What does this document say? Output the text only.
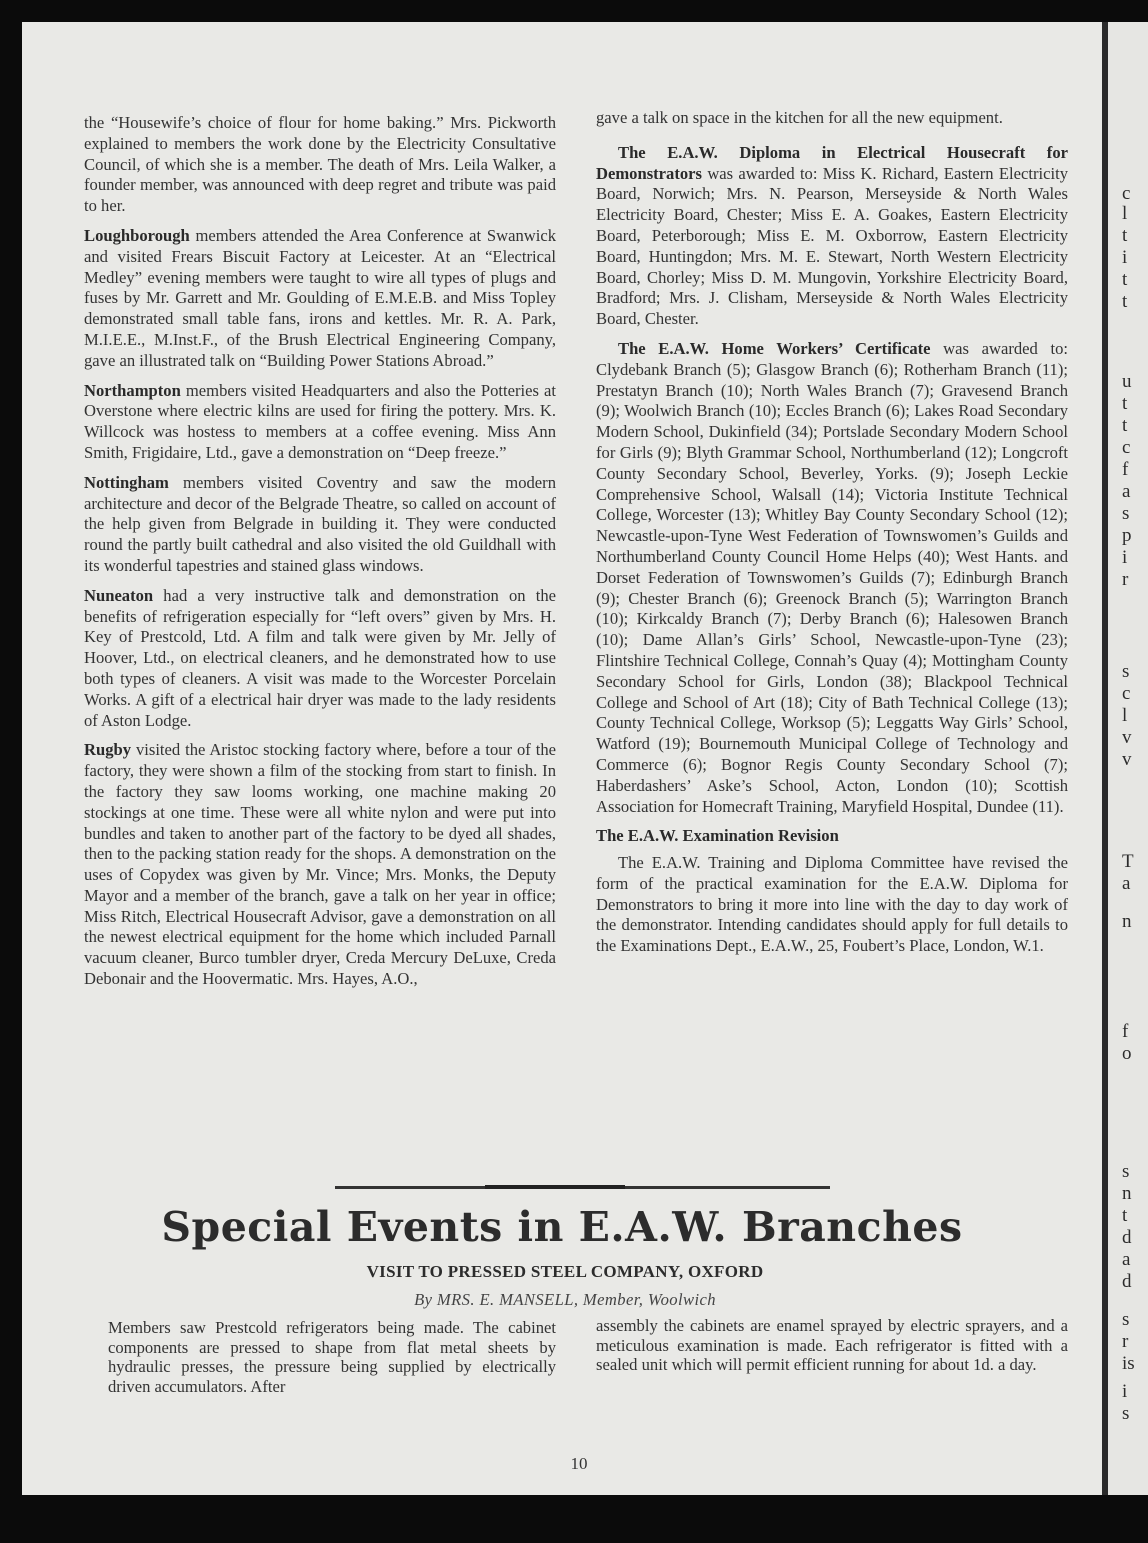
the “Housewife’s choice of flour for home baking.” Mrs. Pickworth explained to members the work done by the Electricity Consultative Council, of which she is a member. The death of Mrs. Leila Walker, a founder member, was announced with deep regret and tribute was paid to her.

Loughborough members attended the Area Conference at Swanwick and visited Frears Biscuit Factory at Leicester. At an “Electrical Medley” evening members were taught to wire all types of plugs and fuses by Mr. Garrett and Mr. Goulding of E.M.E.B. and Miss Topley demonstrated small table fans, irons and kettles. Mr. R. A. Park, M.I.E.E., M.Inst.F., of the Brush Electrical Engineering Company, gave an illustrated talk on “Building Power Stations Abroad.”

Northampton members visited Headquarters and also the Potteries at Overstone where electric kilns are used for firing the pottery. Mrs. K. Willcock was hostess to members at a coffee evening. Miss Ann Smith, Frigidaire, Ltd., gave a demonstration on “Deep freeze.”

Nottingham members visited Coventry and saw the modern architecture and decor of the Belgrade Theatre, so called on account of the help given from Belgrade in building it. They were conducted round the partly built cathedral and also visited the old Guildhall with its wonderful tapestries and stained glass windows.

Nuneaton had a very instructive talk and demonstration on the benefits of refrigeration especially for “left overs” given by Mrs. H. Key of Prestcold, Ltd. A film and talk were given by Mr. Jelly of Hoover, Ltd., on electrical cleaners, and he demonstrated how to use both types of cleaners. A visit was made to the Worcester Porcelain Works. A gift of a electrical hair dryer was made to the lady residents of Aston Lodge.

Rugby visited the Aristoc stocking factory where, before a tour of the factory, they were shown a film of the stocking from start to finish. In the factory they saw looms working, one machine making 20 stockings at one time. These were all white nylon and were put into bundles and taken to another part of the factory to be dyed all shades, then to the packing station ready for the shops. A demonstration on the uses of Copydex was given by Mr. Vince; Mrs. Monks, the Deputy Mayor and a member of the branch, gave a talk on her year in office; Miss Ritch, Electrical Housecraft Advisor, gave a demonstration on all the newest electrical equipment for the home which included Parnall vacuum cleaner, Burco tumbler dryer, Creda Mercury DeLuxe, Creda Debonair and the Hoovermatic. Mrs. Hayes, A.O.,

gave a talk on space in the kitchen for all the new equipment.

The E.A.W. Diploma in Electrical Housecraft for Demonstrators was awarded to: Miss K. Richard, Eastern Electricity Board, Norwich; Mrs. N. Pearson, Merseyside & North Wales Electricity Board, Chester; Miss E. A. Goakes, Eastern Electricity Board, Peterborough; Miss E. M. Oxborrow, Eastern Electricity Board, Huntingdon; Mrs. M. E. Stewart, North Western Electricity Board, Chorley; Miss D. M. Mungovin, Yorkshire Electricity Board, Bradford; Mrs. J. Clisham, Merseyside & North Wales Electricity Board, Chester.

The E.A.W. Home Workers’ Certificate was awarded to: Clydebank Branch (5); Glasgow Branch (6); Rotherham Branch (11); Prestatyn Branch (10); North Wales Branch (7); Gravesend Branch (9); Woolwich Branch (10); Eccles Branch (6); Lakes Road Secondary Modern School, Dukinfield (34); Portslade Secondary Modern School for Girls (9); Blyth Grammar School, Northumberland (12); Longcroft County Secondary School, Beverley, Yorks. (9); Joseph Leckie Comprehensive School, Walsall (14); Victoria Institute Technical College, Worcester (13); Whitley Bay County Secondary School (12); Newcastle-upon-Tyne West Federation of Townswomen’s Guilds and Northumberland County Council Home Helps (40); West Hants. and Dorset Federation of Townswomen’s Guilds (7); Edinburgh Branch (9); Chester Branch (6); Greenock Branch (5); Warrington Branch (10); Kirkcaldy Branch (7); Derby Branch (6); Halesowen Branch (10); Dame Allan’s Girls’ School, Newcastle-upon-Tyne (23); Flintshire Technical College, Connah’s Quay (4); Mottingham County Secondary School for Girls, London (38); Blackpool Technical College and School of Art (18); City of Bath Technical College (13); County Technical College, Worksop (5); Leggatts Way Girls’ School, Watford (19); Bournemouth Municipal College of Technology and Commerce (6); Bognor Regis County Secondary School (7); Haberdashers’ Aske’s School, Acton, London (10); Scottish Association for Homecraft Training, Maryfield Hospital, Dundee (11).

The E.A.W. Examination Revision

The E.A.W. Training and Diploma Committee have revised the form of the practical examination for the E.A.W. Diploma for Demonstrators to bring it more into line with the day to day work of the demonstrator. Intending candidates should apply for full details to the Examinations Dept., E.A.W., 25, Foubert’s Place, London, W.1.

Special Events in E.A.W. Branches
VISIT TO PRESSED STEEL COMPANY, OXFORD
By MRS. E. MANSELL, Member, Woolwich

Members saw Prestcold refrigerators being made. The cabinet components are pressed to shape from flat metal sheets by hydraulic presses, the pressure being supplied by electrically driven accumulators. After

assembly the cabinets are enamel sprayed by electric sprayers, and a meticulous examination is made. Each refrigerator is fitted with a sealed unit which will permit efficient running for about 1d. a day.

10
c
l
t
i
t
t
u
t
t
c
f
a
s
p
i
r
s
c
l
v
v
T
a
n
f
o
s
n
t
d
a
d
s
r
is
i
s
